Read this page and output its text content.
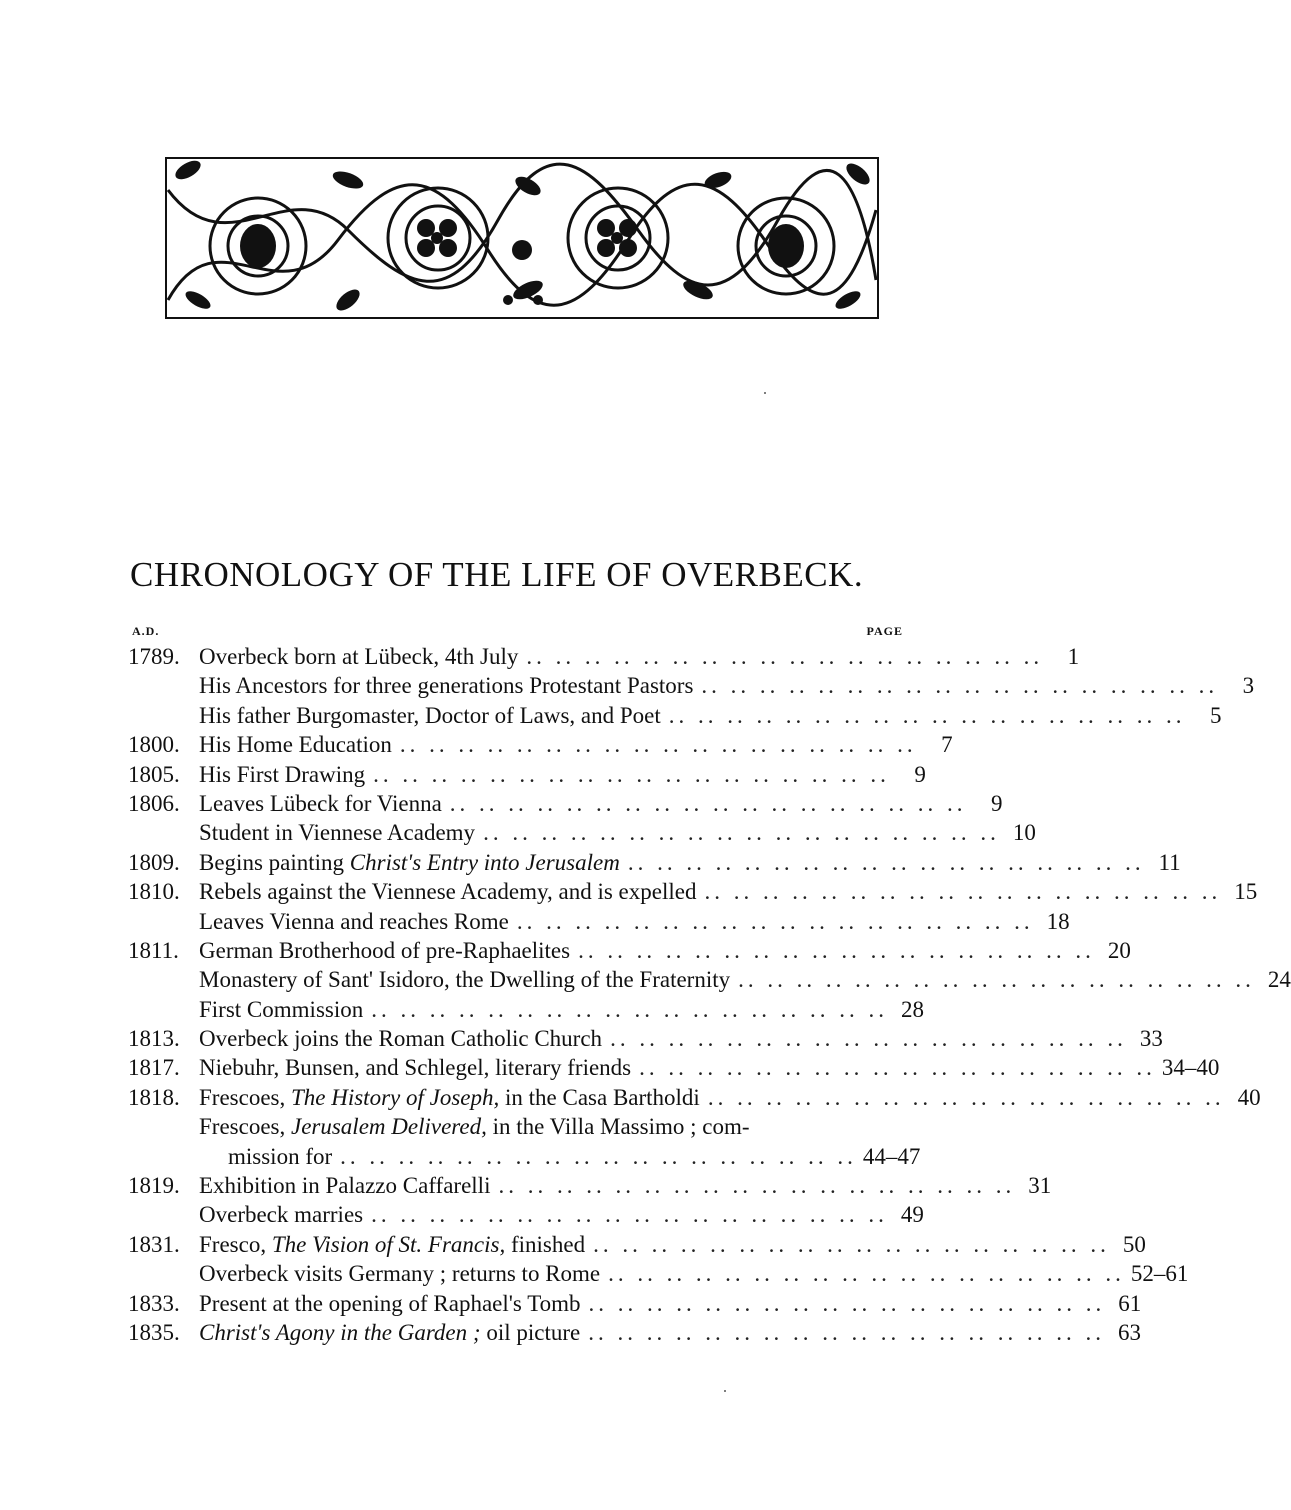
CHRONOLOGY OF THE LIFE OF OVERBECK.
A.D.	PAGE
1789. Overbeck born at Lübeck, 4th July .. .. .. .. .. .. .. .. .. .. .. .. .. .. .. .. .. ..	1
His Ancestors for three generations Protestant Pastors .. .. .. .. .. .. .. .. .. .. .. .. .. .. .. .. .. ..	3
His father Burgomaster, Doctor of Laws, and Poet .. .. .. .. .. .. .. .. .. .. .. .. .. .. .. .. .. ..	5
1800. His Home Education .. .. .. .. .. .. .. .. .. .. .. .. .. .. .. .. .. ..	7
1805. His First Drawing .. .. .. .. .. .. .. .. .. .. .. .. .. .. .. .. .. ..	9
1806. Leaves Lübeck for Vienna .. .. .. .. .. .. .. .. .. .. .. .. .. .. .. .. .. ..	9
Student in Viennese Academy .. .. .. .. .. .. .. .. .. .. .. .. .. .. .. .. .. .. 10
1809. Begins painting Christ's Entry into Jerusalem .. .. .. .. .. .. .. .. .. .. .. .. .. .. .. .. .. .. 11
1810. Rebels against the Viennese Academy, and is expelled .. .. .. .. .. .. .. .. .. .. .. .. .. .. .. .. .. .. 15
Leaves Vienna and reaches Rome .. .. .. .. .. .. .. .. .. .. .. .. .. .. .. .. .. .. 18
1811. German Brotherhood of pre-Raphaelites .. .. .. .. .. .. .. .. .. .. .. .. .. .. .. .. .. .. 20
Monastery of Sant' Isidoro, the Dwelling of the Fraternity .. .. .. .. .. .. .. .. .. .. .. .. .. .. .. .. .. .. 24
First Commission .. .. .. .. .. .. .. .. .. .. .. .. .. .. .. .. .. .. 28
1813. Overbeck joins the Roman Catholic Church .. .. .. .. .. .. .. .. .. .. .. .. .. .. .. .. .. .. 33
1817. Niebuhr, Bunsen, and Schlegel, literary friends .. .. .. .. .. .. .. .. .. .. .. .. .. .. .. .. .. .. 34–40
1818. Frescoes, The History of Joseph, in the Casa Bartholdi .. .. .. .. .. .. .. .. .. .. .. .. .. .. .. .. .. .. 40
Frescoes, Jerusalem Delivered, in the Villa Massimo ; com-
mission for .. .. .. .. .. .. .. .. .. .. .. .. .. .. .. .. .. .. 44–47
1819. Exhibition in Palazzo Caffarelli .. .. .. .. .. .. .. .. .. .. .. .. .. .. .. .. .. .. 31
Overbeck marries .. .. .. .. .. .. .. .. .. .. .. .. .. .. .. .. .. .. 49
1831. Fresco, The Vision of St. Francis, finished .. .. .. .. .. .. .. .. .. .. .. .. .. .. .. .. .. .. 50
Overbeck visits Germany ; returns to Rome .. .. .. .. .. .. .. .. .. .. .. .. .. .. .. .. .. .. 52–61
1833. Present at the opening of Raphael's Tomb .. .. .. .. .. .. .. .. .. .. .. .. .. .. .. .. .. .. 61
1835. Christ's Agony in the Garden ; oil picture .. .. .. .. .. .. .. .. .. .. .. .. .. .. .. .. .. .. 63
